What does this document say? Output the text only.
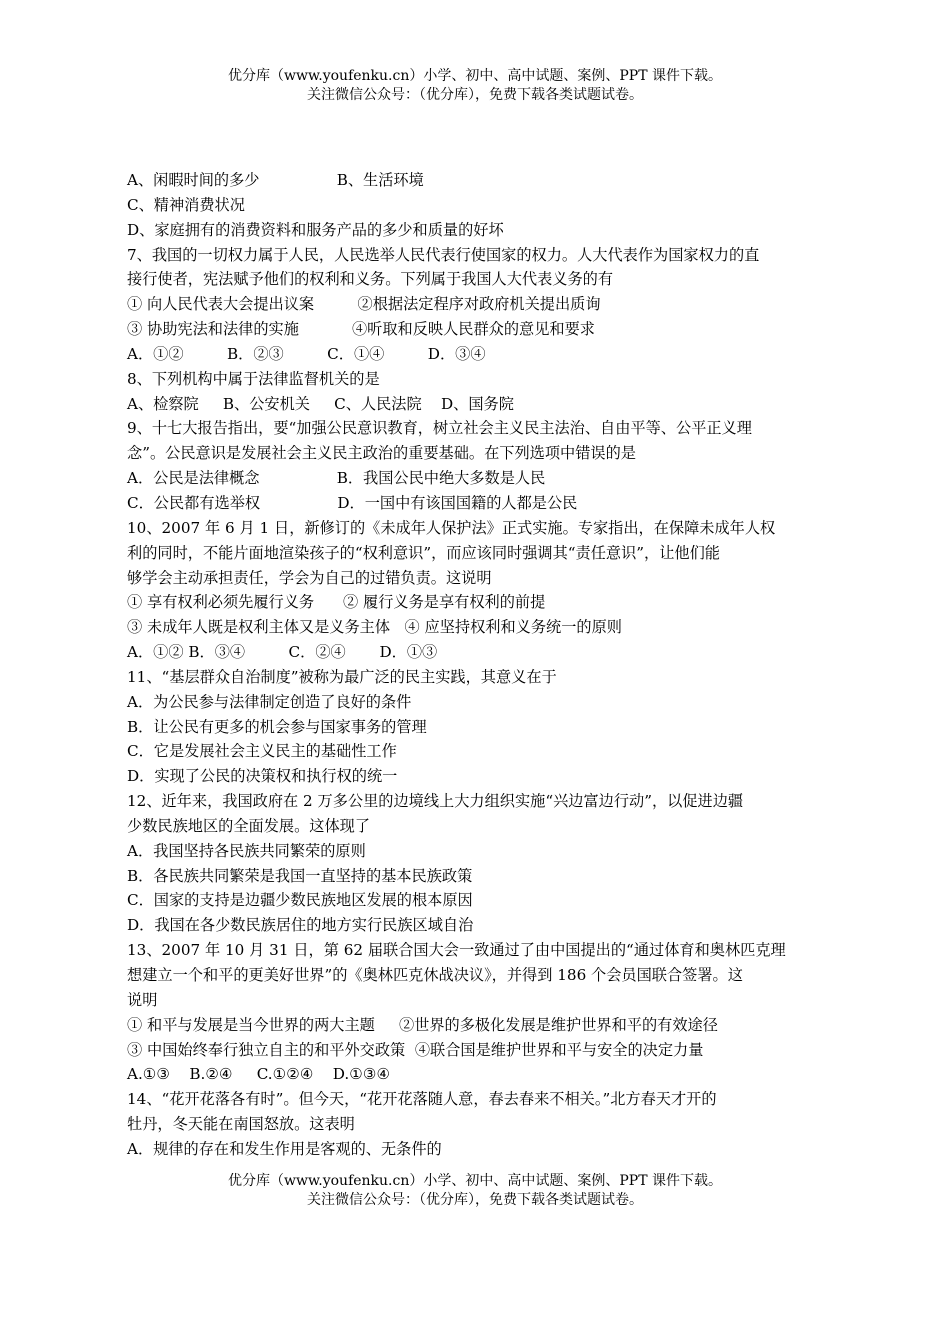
优分库（www.youfenku.cn）小学、初中、高中试题、案例、PPT 课件下载。
关注微信公众号：（优分库），免费下载各类试题试卷。
A、闲暇时间的多少                B、生活环境
C、精神消费状况
D、家庭拥有的消费资料和服务产品的多少和质量的好坏
7、我国的一切权力属于人民，人民选举人民代表行使国家的权力。人大代表作为国家权力的直
接行使者，宪法赋予他们的权利和义务。下列属于我国人大代表义务的有
① 向人民代表大会提出议案         ②根据法定程序对政府机关提出质询
③ 协助宪法和法律的实施           ④听取和反映人民群众的意见和要求
A．①②         B．②③         C．①④         D．③④
8、下列机构中属于法律监督机关的是
A、检察院     B、公安机关     C、人民法院    D、国务院
9、十七大报告指出，要“加强公民意识教育，树立社会主义民主法治、自由平等、公平正义理
念”。公民意识是发展社会主义民主政治的重要基础。在下列选项中错误的是
A．公民是法律概念                B．我国公民中绝大多数是人民
C．公民都有选举权                D．一国中有该国国籍的人都是公民
10、2007 年 6 月 1 日，新修订的《未成年人保护法》正式实施。专家指出，在保障未成年人权
利的同时，不能片面地渲染孩子的“权利意识”，而应该同时强调其“责任意识”，让他们能
够学会主动承担责任，学会为自己的过错负责。这说明
① 享有权利必须先履行义务      ② 履行义务是享有权利的前提
③ 未成年人既是权利主体又是义务主体   ④ 应坚持权利和义务统一的原则
A．①② B．③④         C．②④       D．①③
11、“基层群众自治制度”被称为最广泛的民主实践，其意义在于
A．为公民参与法律制定创造了良好的条件
B．让公民有更多的机会参与国家事务的管理
C．它是发展社会主义民主的基础性工作
D．实现了公民的决策权和执行权的统一
12、近年来，我国政府在 2 万多公里的边境线上大力组织实施“兴边富边行动”，以促进边疆
少数民族地区的全面发展。这体现了
A．我国坚持各民族共同繁荣的原则
B．各民族共同繁荣是我国一直坚持的基本民族政策
C．国家的支持是边疆少数民族地区发展的根本原因
D．我国在各少数民族居住的地方实行民族区域自治
13、2007 年 10 月 31 日，第 62 届联合国大会一致通过了由中国提出的“通过体育和奥林匹克理
想建立一个和平的更美好世界”的《奥林匹克休战决议》，并得到 186 个会员国联合签署。这
说明
① 和平与发展是当今世界的两大主题     ②世界的多极化发展是维护世界和平的有效途径
③ 中国始终奉行独立自主的和平外交政策  ④联合国是维护世界和平与安全的决定力量
A.①③    B.②④     C.①②④    D.①③④
14、“花开花落各有时”。但今天，“花开花落随人意，春去春来不相关。”北方春天才开的
牡丹，冬天能在南国怒放。这表明
A．规律的存在和发生作用是客观的、无条件的
优分库（www.youfenku.cn）小学、初中、高中试题、案例、PPT 课件下载。
关注微信公众号：（优分库），免费下载各类试题试卷。
